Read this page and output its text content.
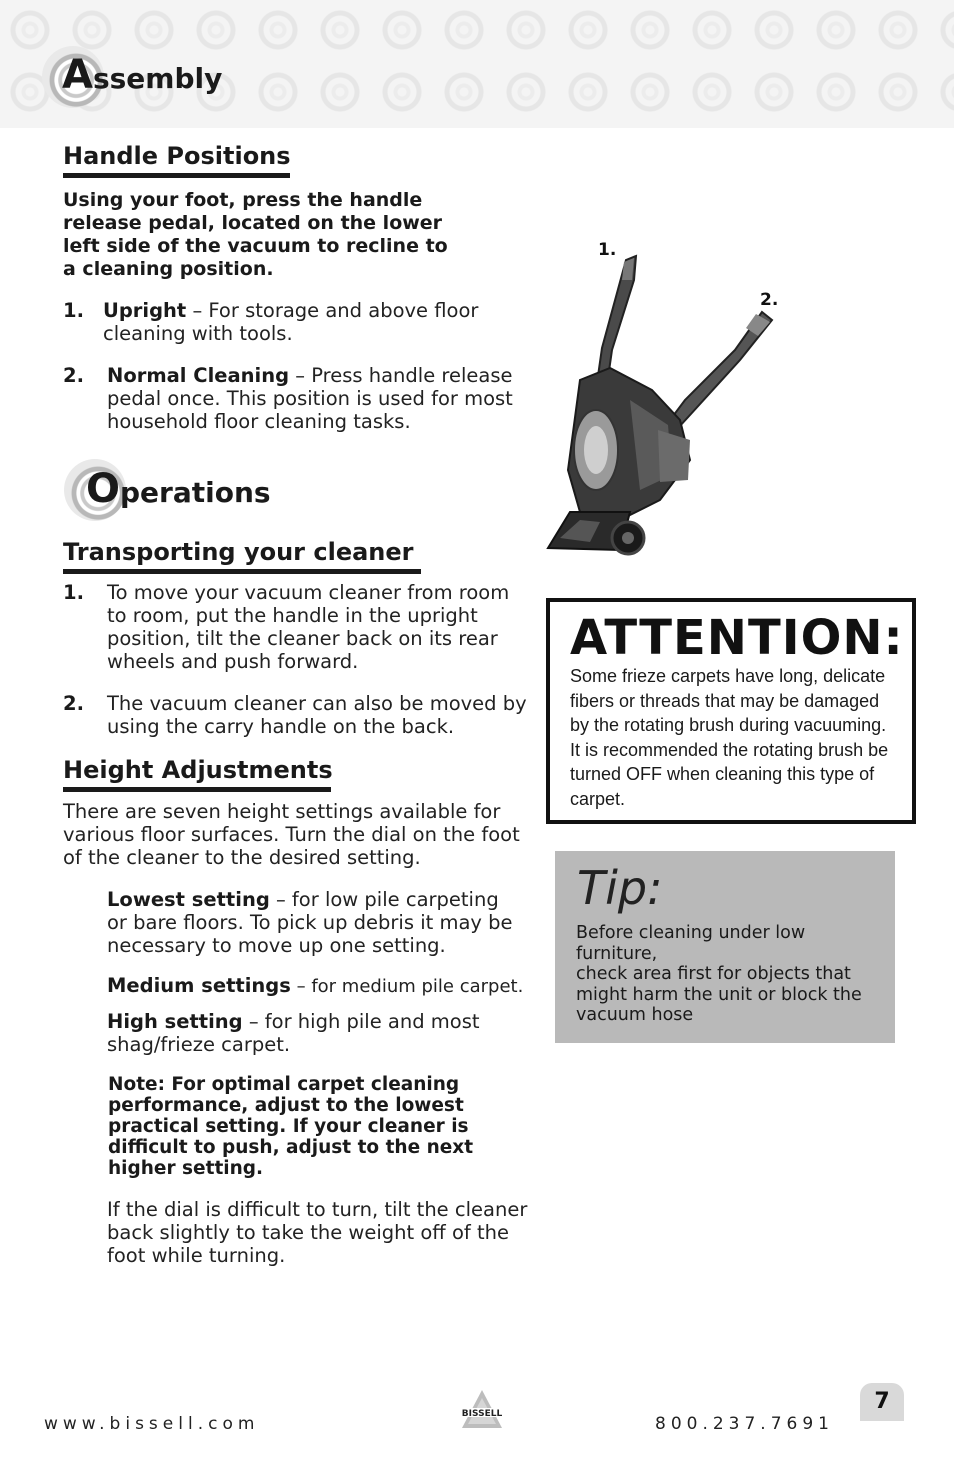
Assembly
Handle Positions
Using your foot, press the handle
release pedal, located on the lower
left side of the vacuum to recline to
a cleaning position.
1. Upright – For storage and above floor
cleaning with tools.
2. Normal Cleaning – Press handle release
pedal once. This position is used for most
household floor cleaning tasks.
Operations
Transporting your cleaner
1. To move your vacuum cleaner from room
to room, put the handle in the upright
position, tilt the cleaner back on its rear
wheels and push forward.
2. The vacuum cleaner can also be moved by
using the carry handle on the back.
Height Adjustments
There are seven height settings available for
various floor surfaces. Turn the dial on the foot
of the cleaner to the desired setting.
Lowest setting – for low pile carpeting
or bare floors. To pick up debris it may be
necessary to move up one setting.
Medium settings – for medium pile carpet.
High setting – for high pile and most
shag/frieze carpet.
Note: For optimal carpet cleaning
performance, adjust to the lowest
practical setting. If your cleaner is
difficult to push, adjust to the next
higher setting.
If the dial is difficult to turn, tilt the cleaner
back slightly to take the weight off of the
foot while turning.
1.
2.
ATTENTION:
Some frieze carpets have long, delicate
fibers or threads that may be damaged
by the rotating brush during vacuuming.
It is recommended the rotating brush be
turned OFF when cleaning this type of
carpet.
Tip:
Before cleaning under low furniture,
check area first for objects that
might harm the unit or block the
vacuum hose
www.bissell.com	BISSELL	800.237.7691
7
